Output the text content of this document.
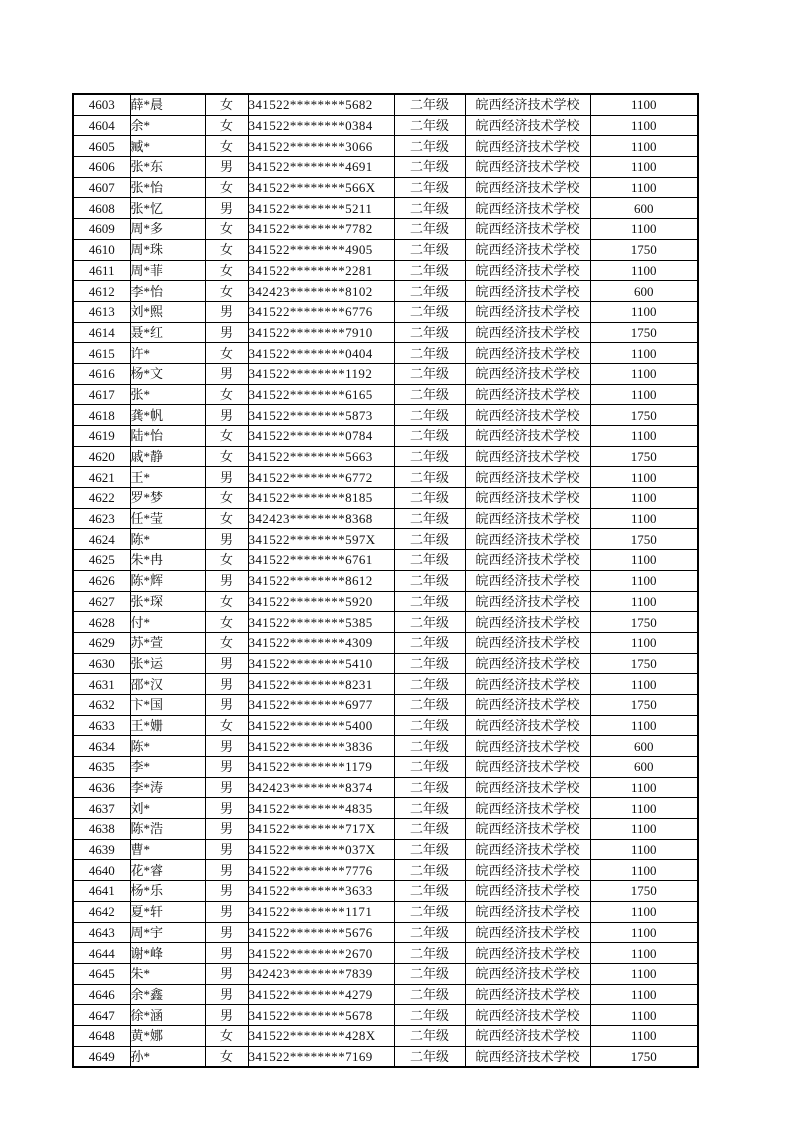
4603	薛*晨	女	341522********5682	二年级	皖西经济技术学校	1100
4604	余*	女	341522********0384	二年级	皖西经济技术学校	1100
4605	臧*	女	341522********3066	二年级	皖西经济技术学校	1100
4606	张*东	男	341522********4691	二年级	皖西经济技术学校	1100
4607	张*怡	女	341522********566X	二年级	皖西经济技术学校	1100
4608	张*忆	男	341522********5211	二年级	皖西经济技术学校	600
4609	周*多	女	341522********7782	二年级	皖西经济技术学校	1100
4610	周*珠	女	341522********4905	二年级	皖西经济技术学校	1750
4611	周*菲	女	341522********2281	二年级	皖西经济技术学校	1100
4612	李*怡	女	342423********8102	二年级	皖西经济技术学校	600
4613	刘*熙	男	341522********6776	二年级	皖西经济技术学校	1100
4614	聂*红	男	341522********7910	二年级	皖西经济技术学校	1750
4615	许*	女	341522********0404	二年级	皖西经济技术学校	1100
4616	杨*文	男	341522********1192	二年级	皖西经济技术学校	1100
4617	张*	女	341522********6165	二年级	皖西经济技术学校	1100
4618	龚*帆	男	341522********5873	二年级	皖西经济技术学校	1750
4619	陆*怡	女	341522********0784	二年级	皖西经济技术学校	1100
4620	戚*静	女	341522********5663	二年级	皖西经济技术学校	1750
4621	王*	男	341522********6772	二年级	皖西经济技术学校	1100
4622	罗*梦	女	341522********8185	二年级	皖西经济技术学校	1100
4623	任*莹	女	342423********8368	二年级	皖西经济技术学校	1100
4624	陈*	男	341522********597X	二年级	皖西经济技术学校	1750
4625	朱*冉	女	341522********6761	二年级	皖西经济技术学校	1100
4626	陈*辉	男	341522********8612	二年级	皖西经济技术学校	1100
4627	张*琛	女	341522********5920	二年级	皖西经济技术学校	1100
4628	付*	女	341522********5385	二年级	皖西经济技术学校	1750
4629	苏*萱	女	341522********4309	二年级	皖西经济技术学校	1100
4630	张*运	男	341522********5410	二年级	皖西经济技术学校	1750
4631	邵*汉	男	341522********8231	二年级	皖西经济技术学校	1100
4632	卞*国	男	341522********6977	二年级	皖西经济技术学校	1750
4633	王*姗	女	341522********5400	二年级	皖西经济技术学校	1100
4634	陈*	男	341522********3836	二年级	皖西经济技术学校	600
4635	李*	男	341522********1179	二年级	皖西经济技术学校	600
4636	李*涛	男	342423********8374	二年级	皖西经济技术学校	1100
4637	刘*	男	341522********4835	二年级	皖西经济技术学校	1100
4638	陈*浩	男	341522********717X	二年级	皖西经济技术学校	1100
4639	曹*	男	341522********037X	二年级	皖西经济技术学校	1100
4640	花*睿	男	341522********7776	二年级	皖西经济技术学校	1100
4641	杨*乐	男	341522********3633	二年级	皖西经济技术学校	1750
4642	夏*轩	男	341522********1171	二年级	皖西经济技术学校	1100
4643	周*宇	男	341522********5676	二年级	皖西经济技术学校	1100
4644	谢*峰	男	341522********2670	二年级	皖西经济技术学校	1100
4645	朱*	男	342423********7839	二年级	皖西经济技术学校	1100
4646	余*鑫	男	341522********4279	二年级	皖西经济技术学校	1100
4647	徐*涵	男	341522********5678	二年级	皖西经济技术学校	1100
4648	黄*娜	女	341522********428X	二年级	皖西经济技术学校	1100
4649	孙*	女	341522********7169	二年级	皖西经济技术学校	1750
